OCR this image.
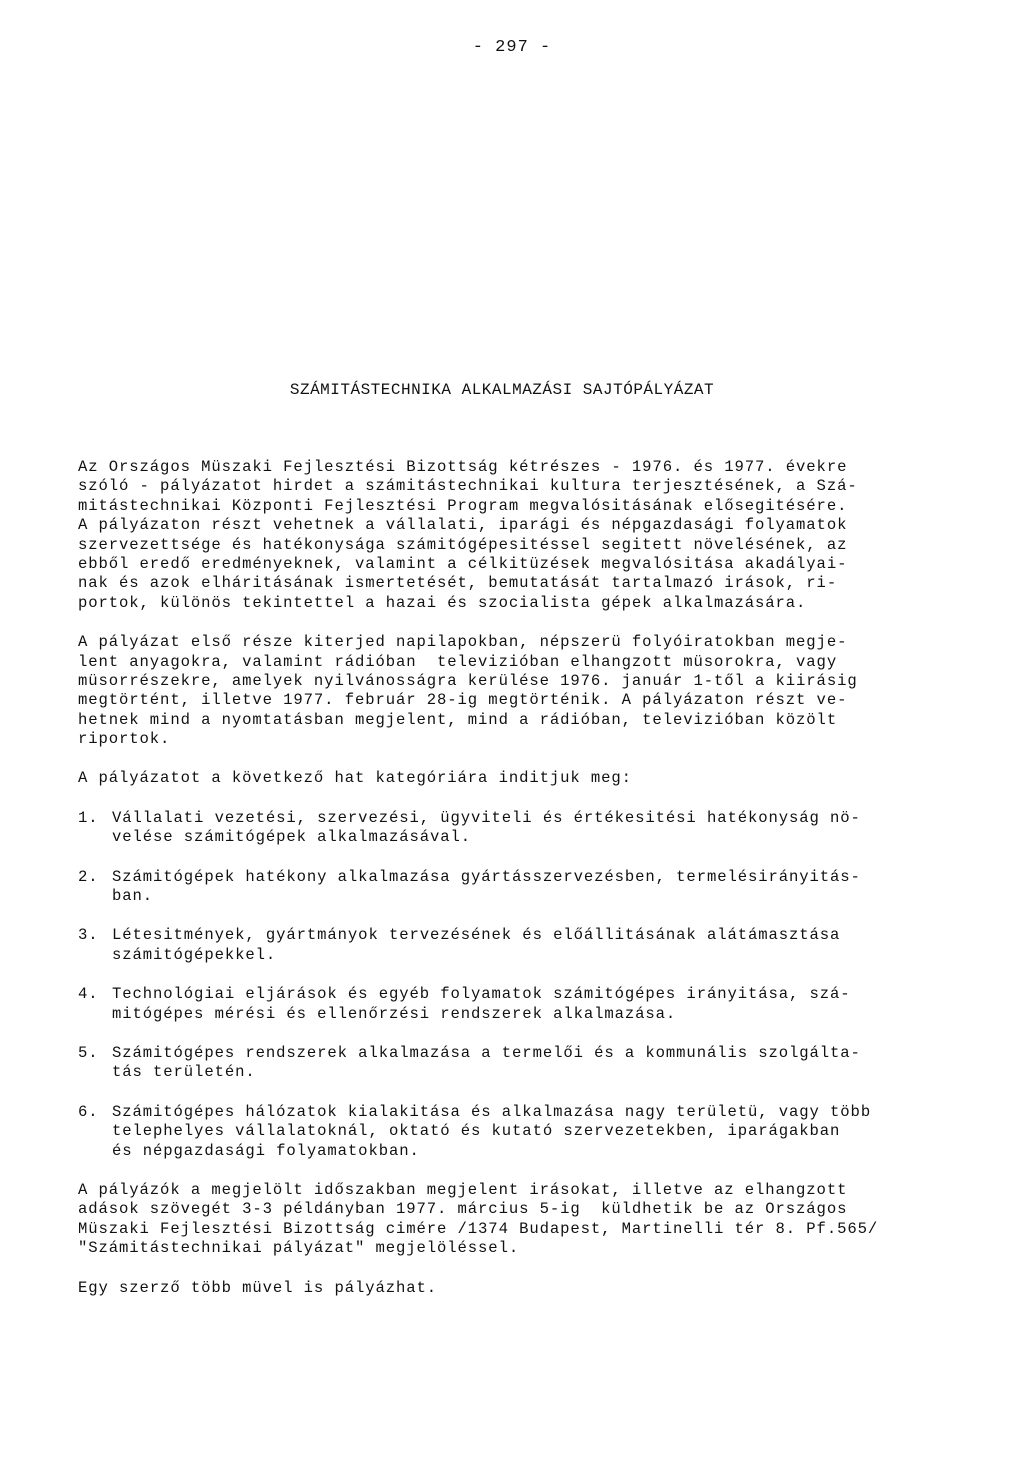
- 297 -
SZÁMITÁSTECHNIKA ALKALMAZÁSI SAJTÓPÁLYÁZAT
Az Országos Müszaki Fejlesztési Bizottság kétrészes - 1976. és 1977. évekre
szóló - pályázatot hirdet a számitástechnikai kultura terjesztésének, a Szá-
mitástechnikai Központi Fejlesztési Program megvalósitásának elősegitésére.
A pályázaton részt vehetnek a vállalati, iparági és népgazdasági folyamatok
szervezettsége és hatékonysága számitógépesitéssel segitett növelésének, az
ebből eredő eredményeknek, valamint a célkitüzések megvalósitása akadályai-
nak és azok elháritásának ismertetését, bemutatását tartalmazó irások, ri-
portok, különös tekintettel a hazai és szocialista gépek alkalmazására.
A pályázat első része kiterjed napilapokban, népszerü folyóiratokban megje-
lent anyagokra, valamint rádióban  televizióban elhangzott müsorokra, vagy
müsorrészekre, amelyek nyilvánosságra kerülése 1976. január 1-től a kiirásig
megtörtént, illetve 1977. február 28-ig megtörténik. A pályázaton részt ve-
hetnek mind a nyomtatásban megjelent, mind a rádióban, televizióban közölt
riportok.
A pályázatot a következő hat kategóriára inditjuk meg:
1. Vállalati vezetési, szervezési, ügyviteli és értékesitési hatékonyság nö-
velése számitógépek alkalmazásával.
2. Számitógépek hatékony alkalmazása gyártásszervezésben, termelésirányitás-
ban.
3. Létesitmények, gyártmányok tervezésének és előállitásának alátámasztása
számitógépekkel.
4. Technológiai eljárások és egyéb folyamatok számitógépes irányitása, szá-
mitógépes mérési és ellenőrzési rendszerek alkalmazása.
5. Számitógépes rendszerek alkalmazása a termelői és a kommunális szolgálta-
tás területén.
6. Számitógépes hálózatok kialakitása és alkalmazása nagy területü, vagy több
telephelyes vállalatoknál, oktató és kutató szervezetekben, iparágakban
és népgazdasági folyamatokban.
A pályázók a megjelölt időszakban megjelent irásokat, illetve az elhangzott
adások szövegét 3-3 példányban 1977. március 5-ig  küldhetik be az Országos
Müszaki Fejlesztési Bizottság cimére /1374 Budapest, Martinelli tér 8. Pf.565/
"Számitástechnikai pályázat" megjelöléssel.
Egy szerző több müvel is pályázhat.
